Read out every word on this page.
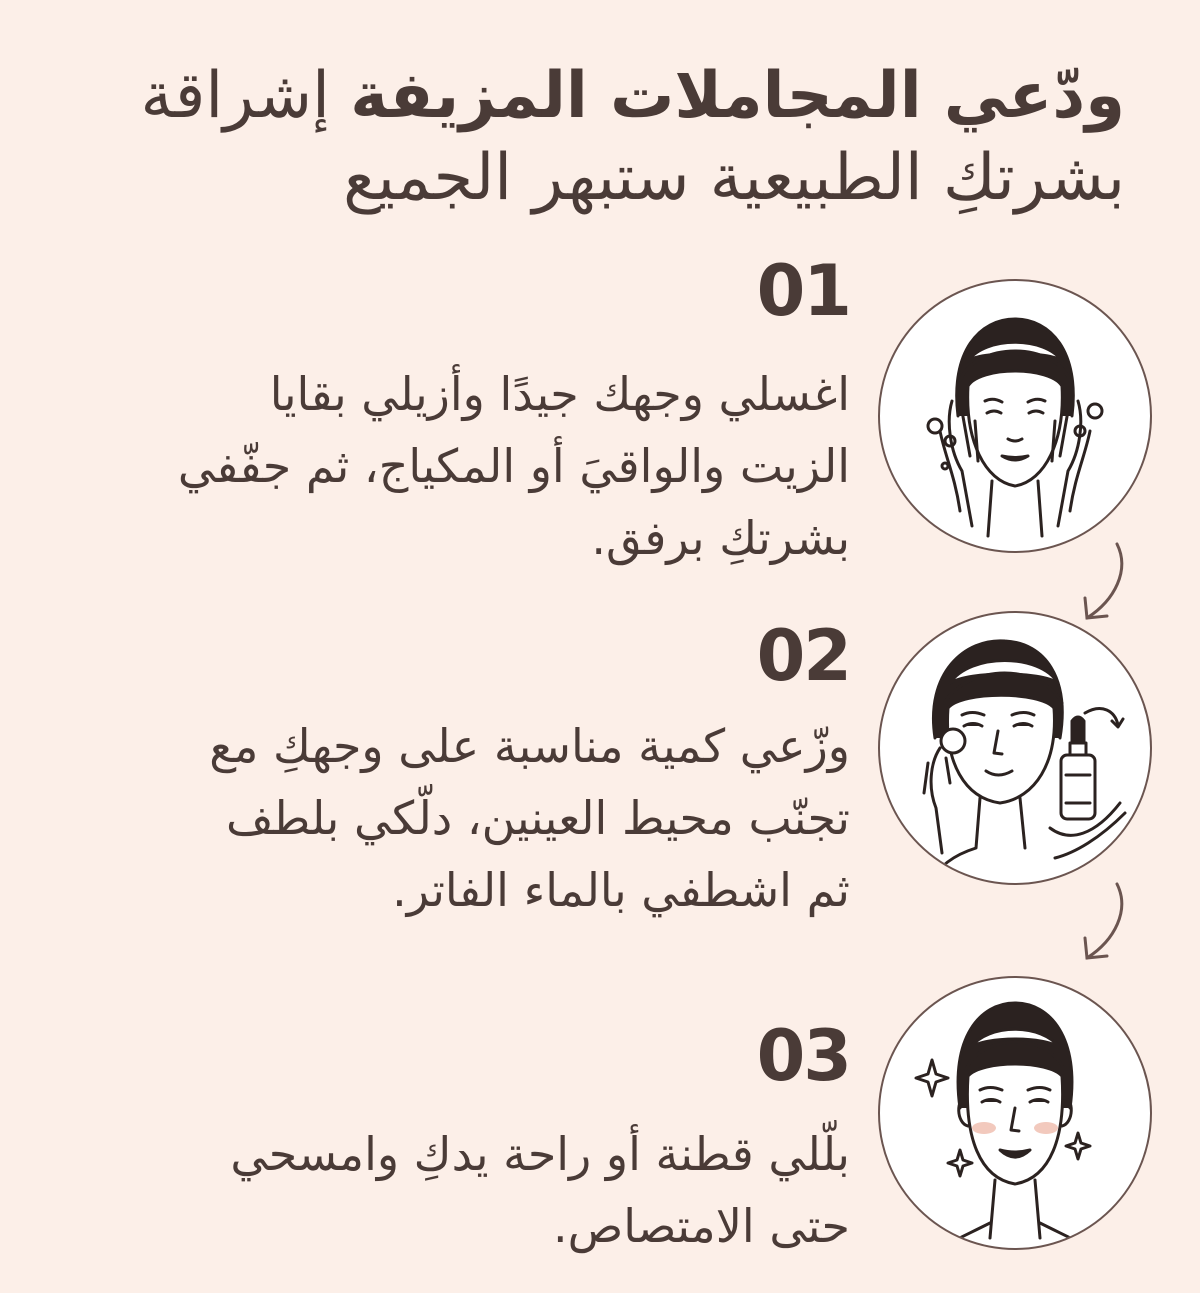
ودّعي المجاملات المزيفة إشراقة
بشرتكِ الطبيعية ستبهر الجميع
01
اغسلي وجهك جيدًا وأزيلي بقايا
الزيت والواقيَ أو المكياج، ثم جفّفي
بشرتكِ برفق.
02
وزّعي كمية مناسبة على وجهكِ مع
تجنّب محيط العينين، دلّكي بلطف
ثم اشطفي بالماء الفاتر.
03
بلّلي قطنة أو راحة يدكِ وامسحي
حتى الامتصاص.
